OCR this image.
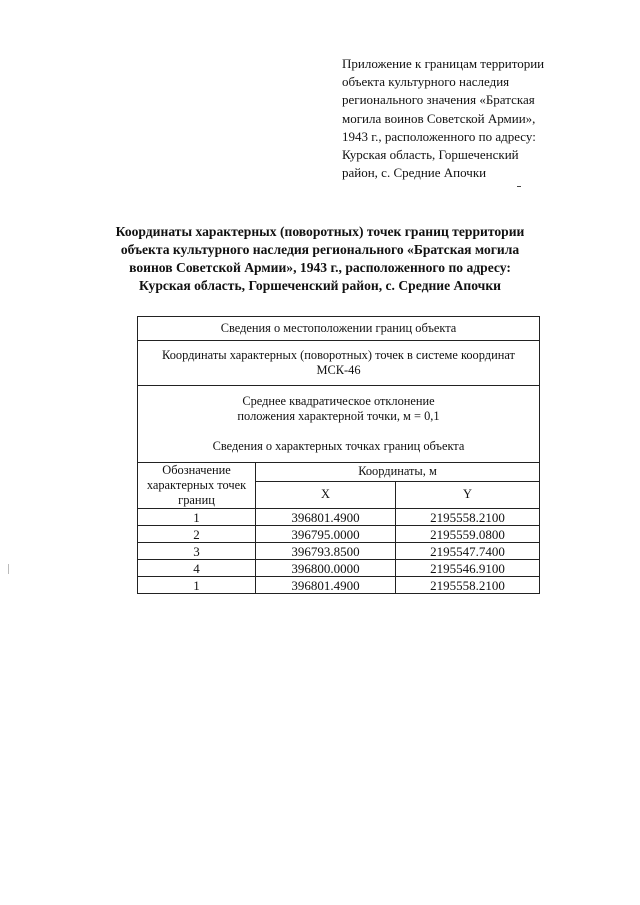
Приложение к границам территории
объекта культурного наследия
регионального значения «Братская
могила воинов Советской Армии»,
1943 г., расположенного по адресу:
Курская область, Горшеченский
район, с. Средние Апочки
Координаты характерных (поворотных) точек границ территории
объекта культурного наследия регионального «Братская могила
воинов Советской Армии», 1943 г., расположенного по адресу:
Курская область, Горшеченский район, с. Средние Апочки
Сведения о местоположении границ объекта		
Координаты характерных (поворотных) точек в системе координат
МСК-46		

Среднее квадратическое отклонение
положения характерной точки, м = 0,1
Сведения о характерных точках границ объекта		

Обозначение
характерных точек
границ	Координаты, м	
	X	Y
1	396801.4900	2195558.2100
2	396795.0000	2195559.0800
3	396793.8500	2195547.7400
4	396800.0000	2195546.9100
1	396801.4900	2195558.2100
